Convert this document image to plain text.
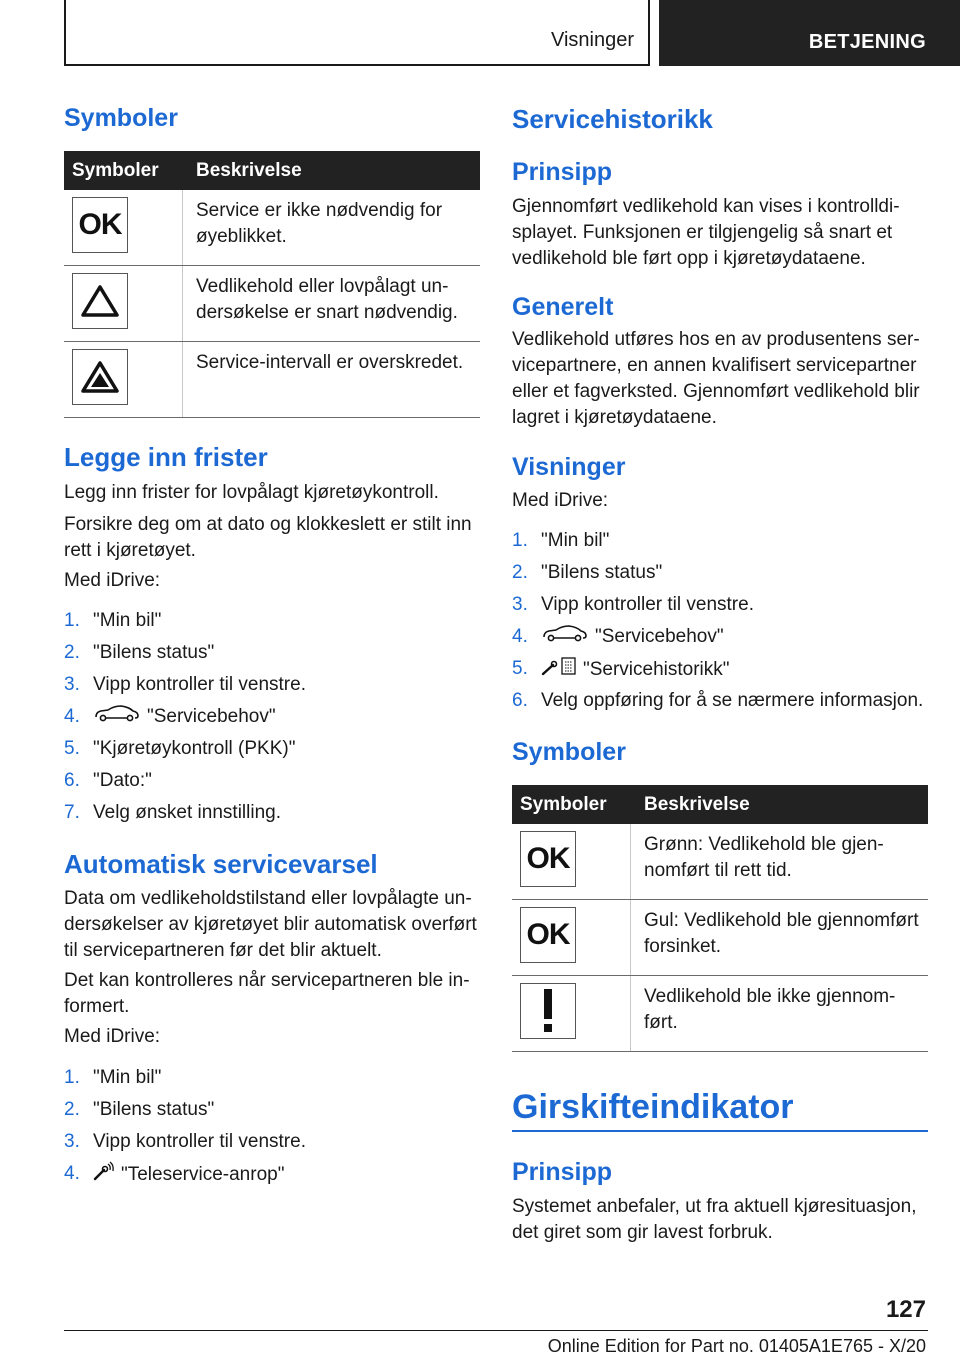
Visninger	BETJENING
Symboler
Symboler Beskrivelse
OK	Service er ikke nødvendig for øyeblikket.
Vedlikehold eller lovpålagt un-dersøkelse er snart nødvendig.
Service-intervall er overskredet.
Legge inn frister
Legg inn frister for lovpålagt kjøretøykontroll.
Forsikre deg om at dato og klokkeslett er stilt inn rett i kjøretøyet.
Med iDrive:
1. "Min bil"
2. "Bilens status"
3. Vipp kontroller til venstre.
4.	"Servicebehov"
5. "Kjøretøykontroll (PKK)"
6. "Dato:"
7. Velg ønsket innstilling.
Automatisk servicevarsel
Data om vedlikeholdstilstand eller lovpålagte un-dersøkelser av kjøretøyet blir automatisk overført til servicepartneren før det blir aktuelt.
Det kan kontrolleres når servicepartneren ble in-formert.
Med iDrive:
1. "Min bil"
2. "Bilens status"
3. Vipp kontroller til venstre.
4. "Teleservice-anrop"
Servicehistorikk
Prinsipp
Gjennomført vedlikehold kan vises i kontrolldi-splayet. Funksjonen er tilgjengelig så snart et vedlikehold ble ført opp i kjøretøydataene.
Generelt
Vedlikehold utføres hos en av produsentens ser-vicepartnere, en annen kvalifisert servicepartner eller et fagverksted. Gjennomført vedlikehold blir lagret i kjøretøydataene.
Visninger
Med iDrive:
1. "Min bil"
2. "Bilens status"
3. Vipp kontroller til venstre.
4.	"Servicebehov"
5.	"Servicehistorikk"
6. Velg oppføring for å se nærmere informasjon.
Symboler
Symboler Beskrivelse
OK	Grønn: Vedlikehold ble gjen-nomført til rett tid.
OK	Gul: Vedlikehold ble gjennomført forsinket.
Vedlikehold ble ikke gjennom-ført.
Girskifteindikator
Prinsipp
Systemet anbefaler, ut fra aktuell kjøresituasjon, det giret som gir lavest forbruk.
127
Online Edition for Part no. 01405A1E765 - X/20
